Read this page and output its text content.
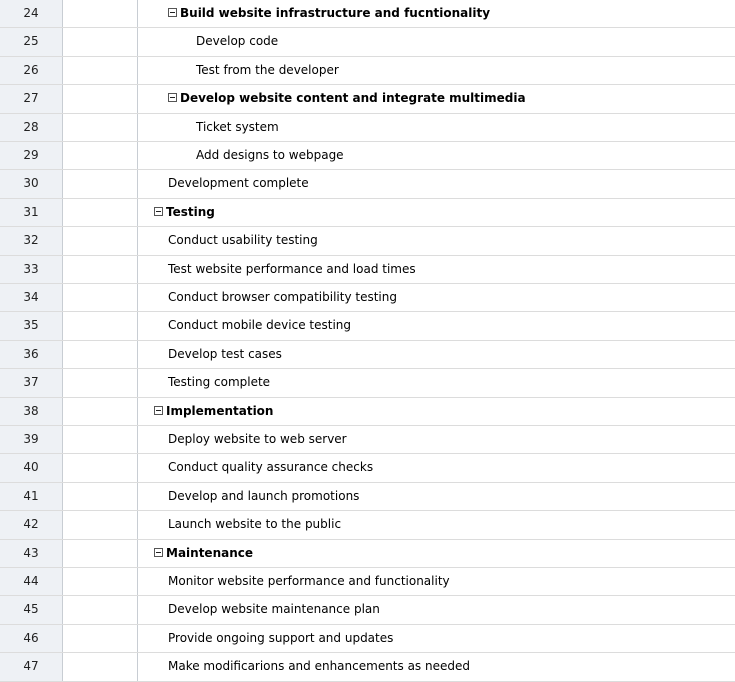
24	Build website infrastructure and fucntionality
25	Develop code
26	Test from the developer
27	Develop website content and integrate multimedia
28	Ticket system
29	Add designs to webpage
30	Development complete
31	Testing
32	Conduct usability testing
33	Test website performance and load times
34	Conduct browser compatibility testing
35	Conduct mobile device testing
36	Develop test cases
37	Testing complete
38	Implementation
39	Deploy website to web server
40	Conduct quality assurance checks
41	Develop and launch promotions
42	Launch website to the public
43	Maintenance
44	Monitor website performance and functionality
45	Develop website maintenance plan
46	Provide ongoing support and updates
47	Make modificarions and enhancements as needed
